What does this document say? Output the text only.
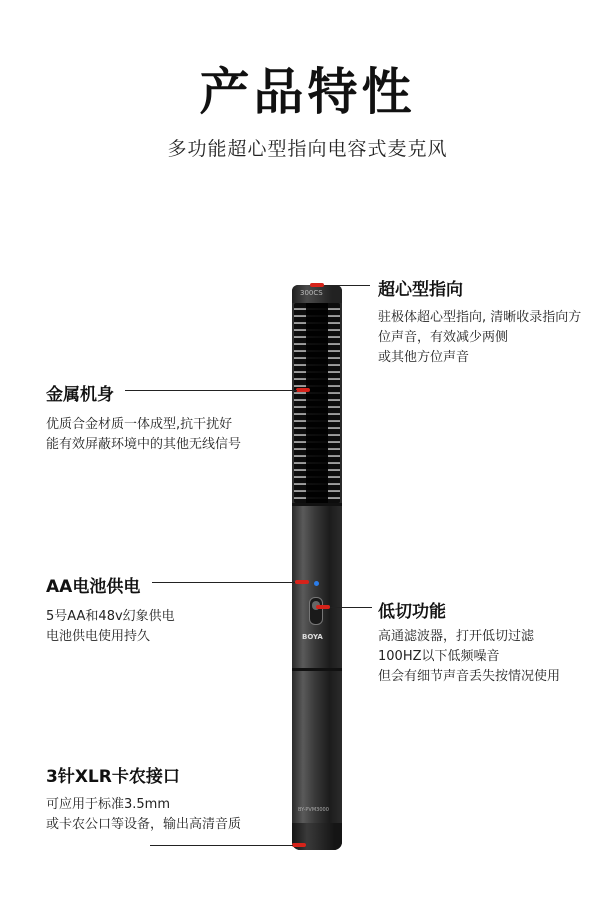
产品特性
多功能超心型指向电容式麦克风
300CS
BOYA
BY-PVM3000
超心型指向
驻极体超心型指向, 清晰收录指向方
位声音，有效减少两侧
或其他方位声音
金属机身
优质合金材质一体成型,抗干扰好
能有效屏蔽环境中的其他无线信号
AA电池供电
5号AA和48v幻象供电
电池供电使用持久
低切功能
高通滤波器，打开低切过滤
100HZ以下低频噪音
但会有细节声音丢失按情况使用
3针XLR卡农接口
可应用于标准3.5mm
或卡农公口等设备，输出高清音质
